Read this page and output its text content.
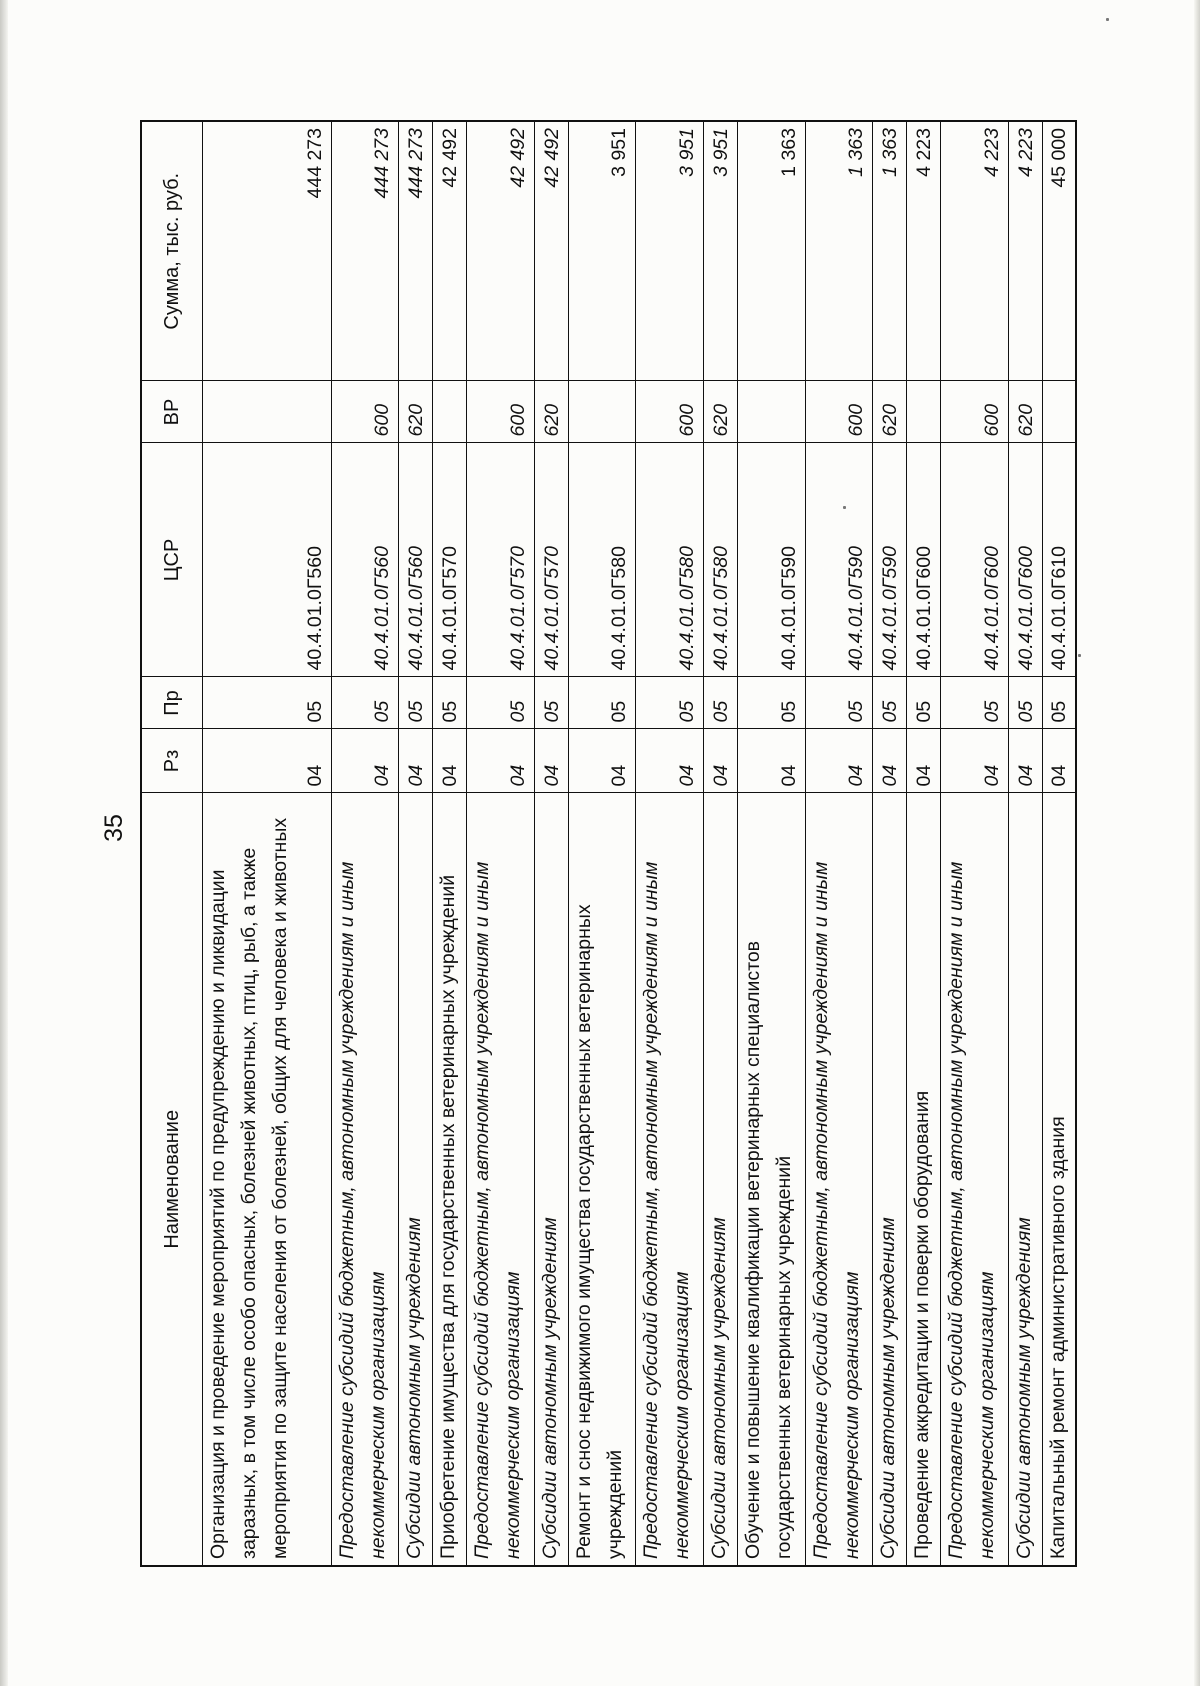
35
Наименование	Рз	Пр	ЦСР	ВР	Сумма, тыс. руб.
Организация и проведение мероприятий по предупреждению и ликвидации заразных, в том числе особо опасных, болезней животных, птиц, рыб, а также мероприятия по защите населения от болезней, общих для человека и животных	04	05	40.4.01.0Г560		444 273
Предоставление субсидий бюджетным, автономным учреждениям и иным некоммерческим организациям	04	05	40.4.01.0Г560	600	444 273
Субсидии автономным учреждениям	04	05	40.4.01.0Г560	620	444 273
Приобретение имущества для государственных ветеринарных учреждений	04	05	40.4.01.0Г570		42 492
Предоставление субсидий бюджетным, автономным учреждениям и иным некоммерческим организациям	04	05	40.4.01.0Г570	600	42 492
Субсидии автономным учреждениям	04	05	40.4.01.0Г570	620	42 492
Ремонт и снос недвижимого имущества государственных ветеринарных учреждений	04	05	40.4.01.0Г580		3 951
Предоставление субсидий бюджетным, автономным учреждениям и иным некоммерческим организациям	04	05	40.4.01.0Г580	600	3 951
Субсидии автономным учреждениям	04	05	40.4.01.0Г580	620	3 951
Обучение и повышение квалификации ветеринарных специалистов государственных ветеринарных учреждений	04	05	40.4.01.0Г590		1 363
Предоставление субсидий бюджетным, автономным учреждениям и иным некоммерческим организациям	04	05	40.4.01.0Г590	600	1 363
Субсидии автономным учреждениям	04	05	40.4.01.0Г590	620	1 363
Проведение аккредитации и поверки оборудования	04	05	40.4.01.0Г600		4 223
Предоставление субсидий бюджетным, автономным учреждениям и иным некоммерческим организациям	04	05	40.4.01.0Г600	600	4 223
Субсидии автономным учреждениям	04	05	40.4.01.0Г600	620	4 223
Капитальный ремонт административного здания	04	05	40.4.01.0Г610		45 000
